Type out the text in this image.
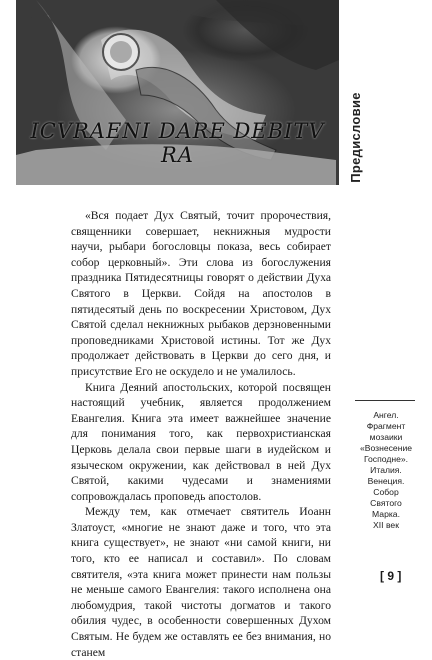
ICVRAENI DARE DEBITV RA	Предисловие

«Вся подает Дух Святый, точит пророчествия, священники совершает, некнижныя мудрости научи, рыбари богословцы показа, весь собирает собор церковный». Эти слова из богослужения праздника Пятидесятницы говорят о действии Духа Святого в Церкви. Сойдя на апостолов в пятидесятый день по воскресении Христовом, Дух Святой сделал некнижных рыбаков дерзновенными проповедниками Христовой истины. Тот же Дух продолжает действовать в Церкви до сего дня, и присутствие Его не оскудело и не умалилось.

Книга Деяний апостольских, которой посвящен настоящий учебник, является продолжением Евангелия. Книга эта имеет важнейшее значение для понимания того, как первохристианская Церковь делала свои первые шаги в иудейском и языческом окружении, как действовал в ней Дух Святой, какими чудесами и знамениями сопровождалась проповедь апостолов.

Между тем, как отмечает святитель Иоанн Златоуст, «многие не знают даже и того, что эта книга существует», не знают «ни самой книги, ни того, кто ее написал и составил». По словам святителя, «эта книга может принести нам пользы не меньше самого Евангелия: такого исполнена она любомудрия, такой чистоты догматов и такого обилия чудес, в особенности совершенных Духом Святым. Не будем же оставлять ее без внимания, но станем

Ангел.
Фрагмент
мозаики
«Вознесение
Господне».
Италия.
Венеция.
Собор
Святого
Марка.
XII век
[ 9 ]
